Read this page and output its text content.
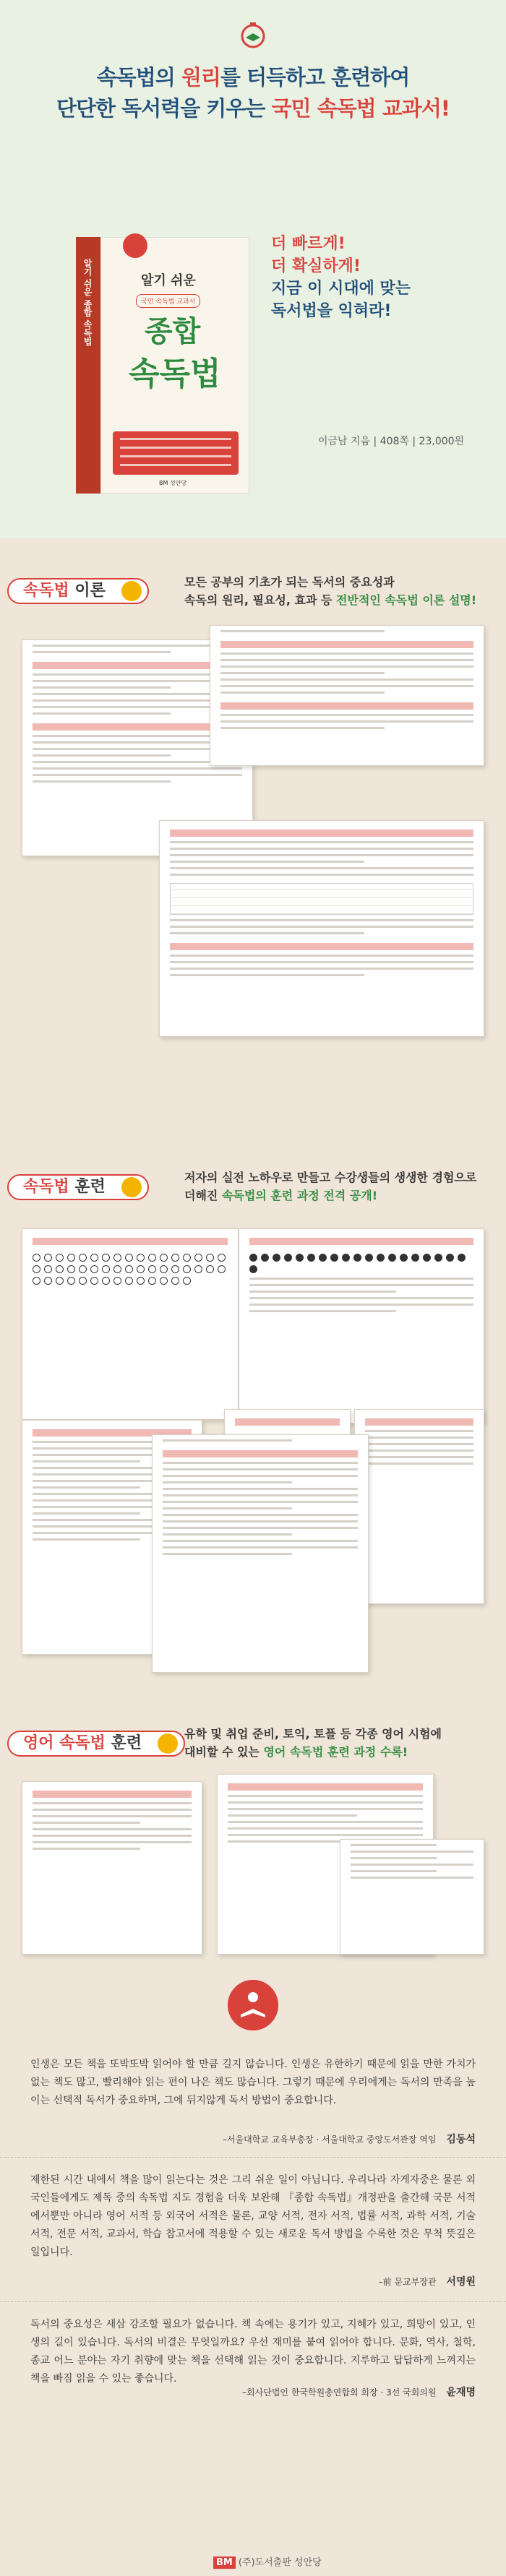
속독법의 원리를 터득하고 훈련하여
단단한 독서력을 키우는 국민 속독법 교과서!
알기 쉬운 종합 속독법	알기 쉬운
국민 속독법 교과서
종합
속독법
BM 성안당
더 빠르게!
더 확실하게!
지금 이 시대에 맞는
독서법을 익혀라!
이금남 지음 | 408쪽 | 23,000원
속독법 이론	모든 공부의 기초가 되는 독서의 중요성과
속독의 원리, 필요성, 효과 등 전반적인 속독법 이론 설명!
속독법 훈련
저자의 실전 노하우로 만들고 수강생들의 생생한 경험으로
더해진 속독법의 훈련 과정 전격 공개!
영어 속독법 훈련
유학 및 취업 준비, 토익, 토플 등 각종 영어 시험에
대비할 수 있는 영어 속독법 훈련 과정 수록!
인생은 모든 책을 또박또박 읽어야 할 만큼 길지 않습니다. 인생은 유한하기 때문에 읽을 만한 가치가 없는 책도 많고, 빨리해야 읽는 편이 나은 책도 많습니다. 그렇기 때문에 우리에게는 독서의 만족을 높이는 선택적 독서가 중요하며, 그에 뒤지않게 독서 방법이 중요합니다.
–서울대학교 교육부총장 · 서울대학교 중앙도서관장 역임 김동석
제한된 시간 내에서 책을 많이 읽는다는 것은 그리 쉬운 일이 아닙니다. 우리나라 자게자중은 물론 외국인들에게도 제독 중의 속독법 지도 경험을 더욱 보완해 『종합 속독법』개정판을 출간해 국문 서적에서뿐만 아니라 영어 서적 등 외국어 서적은 물론, 교양 서적, 전자 서적, 법률 서적, 과학 서적, 기술 서적, 전문 서적, 교과서, 학습 참고서에 적용할 수 있는 새로운 독서 방법을 수록한 것은 무척 뜻깊은 일입니다.
–前 문교부장관 서명원
독서의 중요성은 새삼 강조할 필요가 없습니다. 책 속에는 용기가 있고, 지혜가 있고, 희망이 있고, 인생의 길이 있습니다. 독서의 비결은 무엇일까요? 우선 재미를 붙여 읽어야 합니다. 문화, 역사, 철학, 종교 어느 분야는 자기 취향에 맞는 책을 선택해 읽는 것이 중요합니다. 지루하고 답답하게 느껴지는 책을 빠짐 읽을 수 있는 좋습니다.
–회사단법인 한국학원총연합회 회장 · 3선 국회의원 윤재명
BM (주)도서출판 성안당
